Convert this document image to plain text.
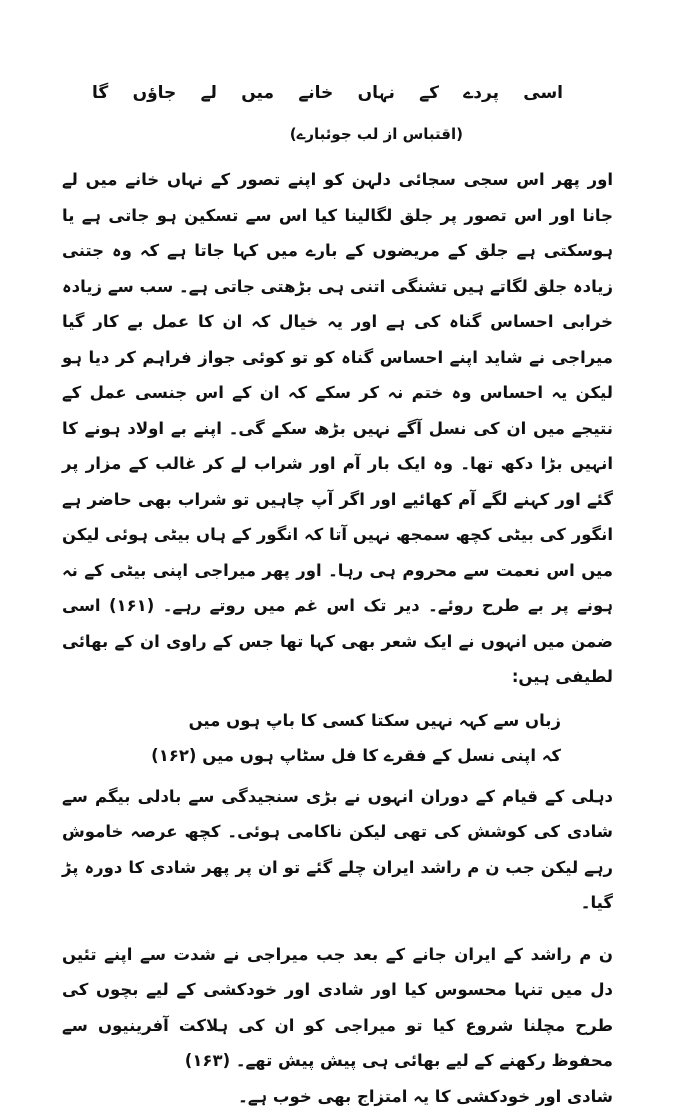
اسی پردے کے نہاں خانے میں لے جاؤں گا

(اقتباس از لب جوئبارے)

اور پھر اس سجی سجائی دلہن کو اپنے تصور کے نہاں خانے میں لے جانا اور اس تصور پر جلق لگالینا کیا اس سے تسکین ہو جاتی ہے یا ہوسکتی ہے جلق کے مریضوں کے بارے میں کہا جاتا ہے کہ وہ جتنی زیادہ جلق لگاتے ہیں تشنگی اتنی ہی بڑھتی جاتی ہے۔ سب سے زیادہ خرابی احساس گناہ کی ہے اور یہ خیال کہ ان کا عمل بے کار گیا میراجی نے شاید اپنے احساس گناہ کو تو کوئی جواز فراہم کر دیا ہو لیکن یہ احساس وہ ختم نہ کر سکے کہ ان کے اس جنسی عمل کے نتیجے میں ان کی نسل آگے نہیں بڑھ سکے گی۔ اپنے بے اولاد ہونے کا انہیں بڑا دکھ تھا۔ وہ ایک بار آم اور شراب لے کر غالب کے مزار پر گئے اور کہنے لگے آم کھائیے اور اگر آپ چاہیں تو شراب بھی حاضر ہے انگور کی بیٹی کچھ سمجھ نہیں آتا کہ انگور کے ہاں بیٹی ہوئی لیکن میں اس نعمت سے محروم ہی رہا۔ اور پھر میراجی اپنی بیٹی کے نہ ہونے پر بے طرح روئے۔ دیر تک اس غم میں روتے رہے۔ (۱۶۱) اسی ضمن میں انہوں نے ایک شعر بھی کہا تھا جس کے راوی ان کے بھائی لطیفی ہیں:

زباں سے کہہ نہیں سکتا کسی کا باپ ہوں میں

کہ اپنی نسل کے فقرے کا فل سٹاپ ہوں میں (۱۶۲)

دہلی کے قیام کے دوران انہوں نے بڑی سنجیدگی سے بادلی بیگم سے شادی کی کوشش کی تھی لیکن ناکامی ہوئی۔ کچھ عرصہ خاموش رہے لیکن جب ن م راشد ایران چلے گئے تو ان پر پھر شادی کا دورہ پڑ گیا۔

ن م راشد کے ایران جانے کے بعد جب میراجی نے شدت سے اپنے تئیں دل میں تنہا محسوس کیا اور شادی اور خودکشی کے لیے بچوں کی طرح مچلنا شروع کیا تو میراجی کو ان کی ہلاکت آفرینیوں سے محفوظ رکھنے کے لیے بھائی ہی پیش پیش تھے۔ (۱۶۳)

شادی اور خودکشی کا یہ امتزاج بھی خوب ہے۔
